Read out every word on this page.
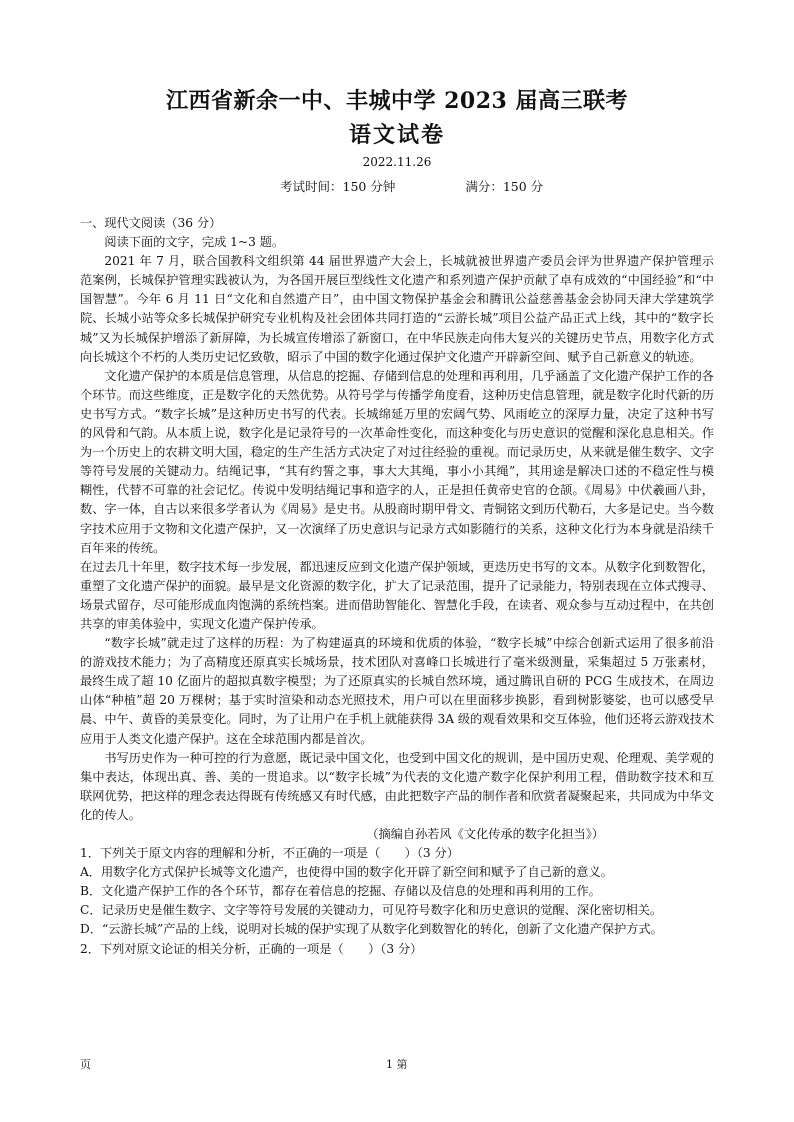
江西省新余一中、丰城中学 2023 届高三联考
语文试卷
2022.11.26
考试时间：150 分钟	满分：150 分

一、现代文阅读（36 分）

阅读下面的文字，完成 1~3 题。

2021 年 7 月，联合国教科文组织第 44 届世界遗产大会上，长城就被世界遗产委员会评为世界遗产保护管理示范案例，长城保护管理实践被认为，为各国开展巨型线性文化遗产和系列遗产保护贡献了卓有成效的“中国经验”和“中国智慧”。今年 6 月 11 日“文化和自然遗产日”，由中国文物保护基金会和腾讯公益慈善基金会协同天津大学建筑学院、长城小站等众多长城保护研究专业机构及社会团体共同打造的“云游长城”项目公益产品正式上线，其中的“数字长城”又为长城保护增添了新屏障，为长城宣传增添了新窗口，在中华民族走向伟大复兴的关键历史节点，用数字化方式向长城这个不朽的人类历史记忆致敬，昭示了中国的数字化通过保护文化遗产开辟新空间、赋予自己新意义的轨迹。

文化遗产保护的本质是信息管理，从信息的挖掘、存储到信息的处理和再利用，几乎涵盖了文化遗产保护工作的各个环节。而这些维度，正是数字化的天然优势。从符号学与传播学角度看，这种历史信息管理，就是数字化时代新的历史书写方式。“数字长城”是这种历史书写的代表。长城绵延万里的宏阔气势、风雨屹立的深厚力量，决定了这种书写的风骨和气韵。从本质上说，数字化是记录符号的一次革命性变化，而这种变化与历史意识的觉醒和深化息息相关。作为一个历史上的农耕文明大国，稳定的生产生活方式决定了对过往经验的重视。而记录历史，从来就是催生数字、文字等符号发展的关键动力。结绳记事，“其有约誓之事，事大大其绳，事小小其绳”，其用途是解决口述的不稳定性与模糊性，代替不可靠的社会记忆。传说中发明结绳记事和造字的人，正是担任黄帝史官的仓颉。《周易》中伏羲画八卦，数、字一体，自古以来很多学者认为《周易》是史书。从殷商时期甲骨文、青铜铭文到历代勒石，大多是记史。当今数字技术应用于文物和文化遗产保护，又一次演绎了历史意识与记录方式如影随行的关系，这种文化行为本身就是沿续千百年来的传统。

在过去几十年里，数字技术每一步发展，都迅速反应到文化遗产保护领域，更迭历史书写的文本。从数字化到数智化，重塑了文化遗产保护的面貌。最早是文化资源的数字化，扩大了记录范围，提升了记录能力，特别表现在立体式搜寻、场景式留存，尽可能形成血肉饱满的系统档案。进而借助智能化、智慧化手段，在读者、观众参与互动过程中，在共创共享的审美体验中，实现文化遗产保护传承。

“数字长城”就走过了这样的历程：为了构建逼真的环境和优质的体验，“数字长城”中综合创新式运用了很多前沿的游戏技术能力；为了高精度还原真实长城场景，技术团队对喜峰口长城进行了毫米级测量，采集超过 5 万张素材，最终生成了超 10 亿面片的超拟真数字模型；为了还原真实的长城自然环境，通过腾讯自研的 PCG 生成技术，在周边山体“种植”超 20 万棵树；基于实时渲染和动态光照技术，用户可以在里面移步换影，看到树影婆娑，也可以感受早晨、中午、黄昏的美景变化。同时，为了让用户在手机上就能获得 3A 级的观看效果和交互体验，他们还将云游戏技术应用于人类文化遗产保护。这在全球范围内都是首次。

书写历史作为一种可控的行为意愿，既记录中国文化，也受到中国文化的规训，是中国历史观、伦理观、美学观的集中表达，体现出真、善、美的一贯追求。以“数字长城”为代表的文化遗产数字化保护利用工程，借助数字技术和互联网优势，把这样的理念表达得既有传统感又有时代感，由此把数字产品的制作者和欣赏者凝聚起来，共同成为中华文化的传人。

（摘编自孙若风《文化传承的数字化担当》）

1．下列关于原文内容的理解和分析，不正确的一项是（　　）（3 分）

A．用数字化方式保护长城等文化遗产，也使得中国的数字化开辟了新空间和赋予了自己新的意义。

B．文化遗产保护工作的各个环节，都存在着信息的挖掘、存储以及信息的处理和再利用的工作。

C．记录历史是催生数字、文字等符号发展的关键动力，可见符号数字化和历史意识的觉醒、深化密切相关。

D．“云游长城”产品的上线，说明对长城的保护实现了从数字化到数智化的转化，创新了文化遗产保护方式。

2．下列对原文论证的相关分析，正确的一项是（　　）（3 分）

页	1 第
